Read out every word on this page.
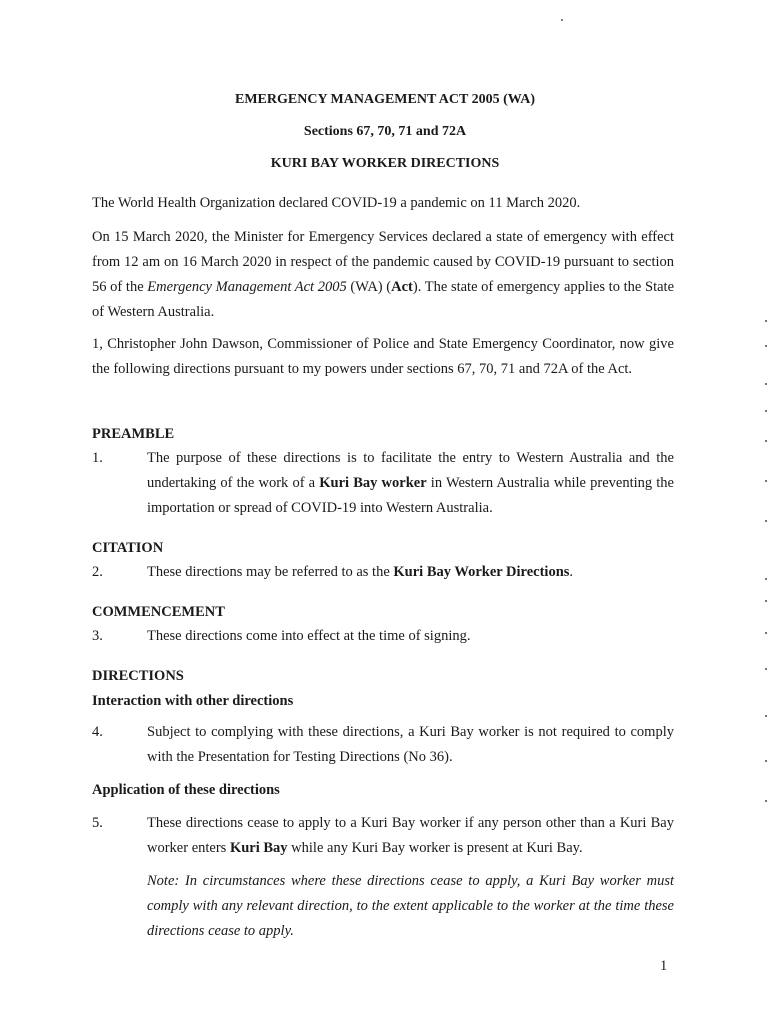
EMERGENCY MANAGEMENT ACT 2005 (WA)

Sections 67, 70, 71 and 72A

KURI BAY WORKER DIRECTIONS

The World Health Organization declared COVID-19 a pandemic on 11 March 2020.

On 15 March 2020, the Minister for Emergency Services declared a state of emergency with effect from 12 am on 16 March 2020 in respect of the pandemic caused by COVID-19 pursuant to section 56 of the Emergency Management Act 2005 (WA) (Act). The state of emergency applies to the State of Western Australia.

1, Christopher John Dawson, Commissioner of Police and State Emergency Coordinator, now give the following directions pursuant to my powers under sections 67, 70, 71 and 72A of the Act.

PREAMBLE

1.	The purpose of these directions is to facilitate the entry to Western Australia and the undertaking of the work of a Kuri Bay worker in Western Australia while preventing the importation or spread of COVID-19 into Western Australia.

CITATION

2.	These directions may be referred to as the Kuri Bay Worker Directions.

COMMENCEMENT

3.	These directions come into effect at the time of signing.

DIRECTIONS

Interaction with other directions

4.	Subject to complying with these directions, a Kuri Bay worker is not required to comply with the Presentation for Testing Directions (No 36).

Application of these directions

5.	These directions cease to apply to a Kuri Bay worker if any person other than a Kuri Bay worker enters Kuri Bay while any Kuri Bay worker is present at Kuri Bay.

Note: In circumstances where these directions cease to apply, a Kuri Bay worker must comply with any relevant direction, to the extent applicable to the worker at the time these directions cease to apply.

1
